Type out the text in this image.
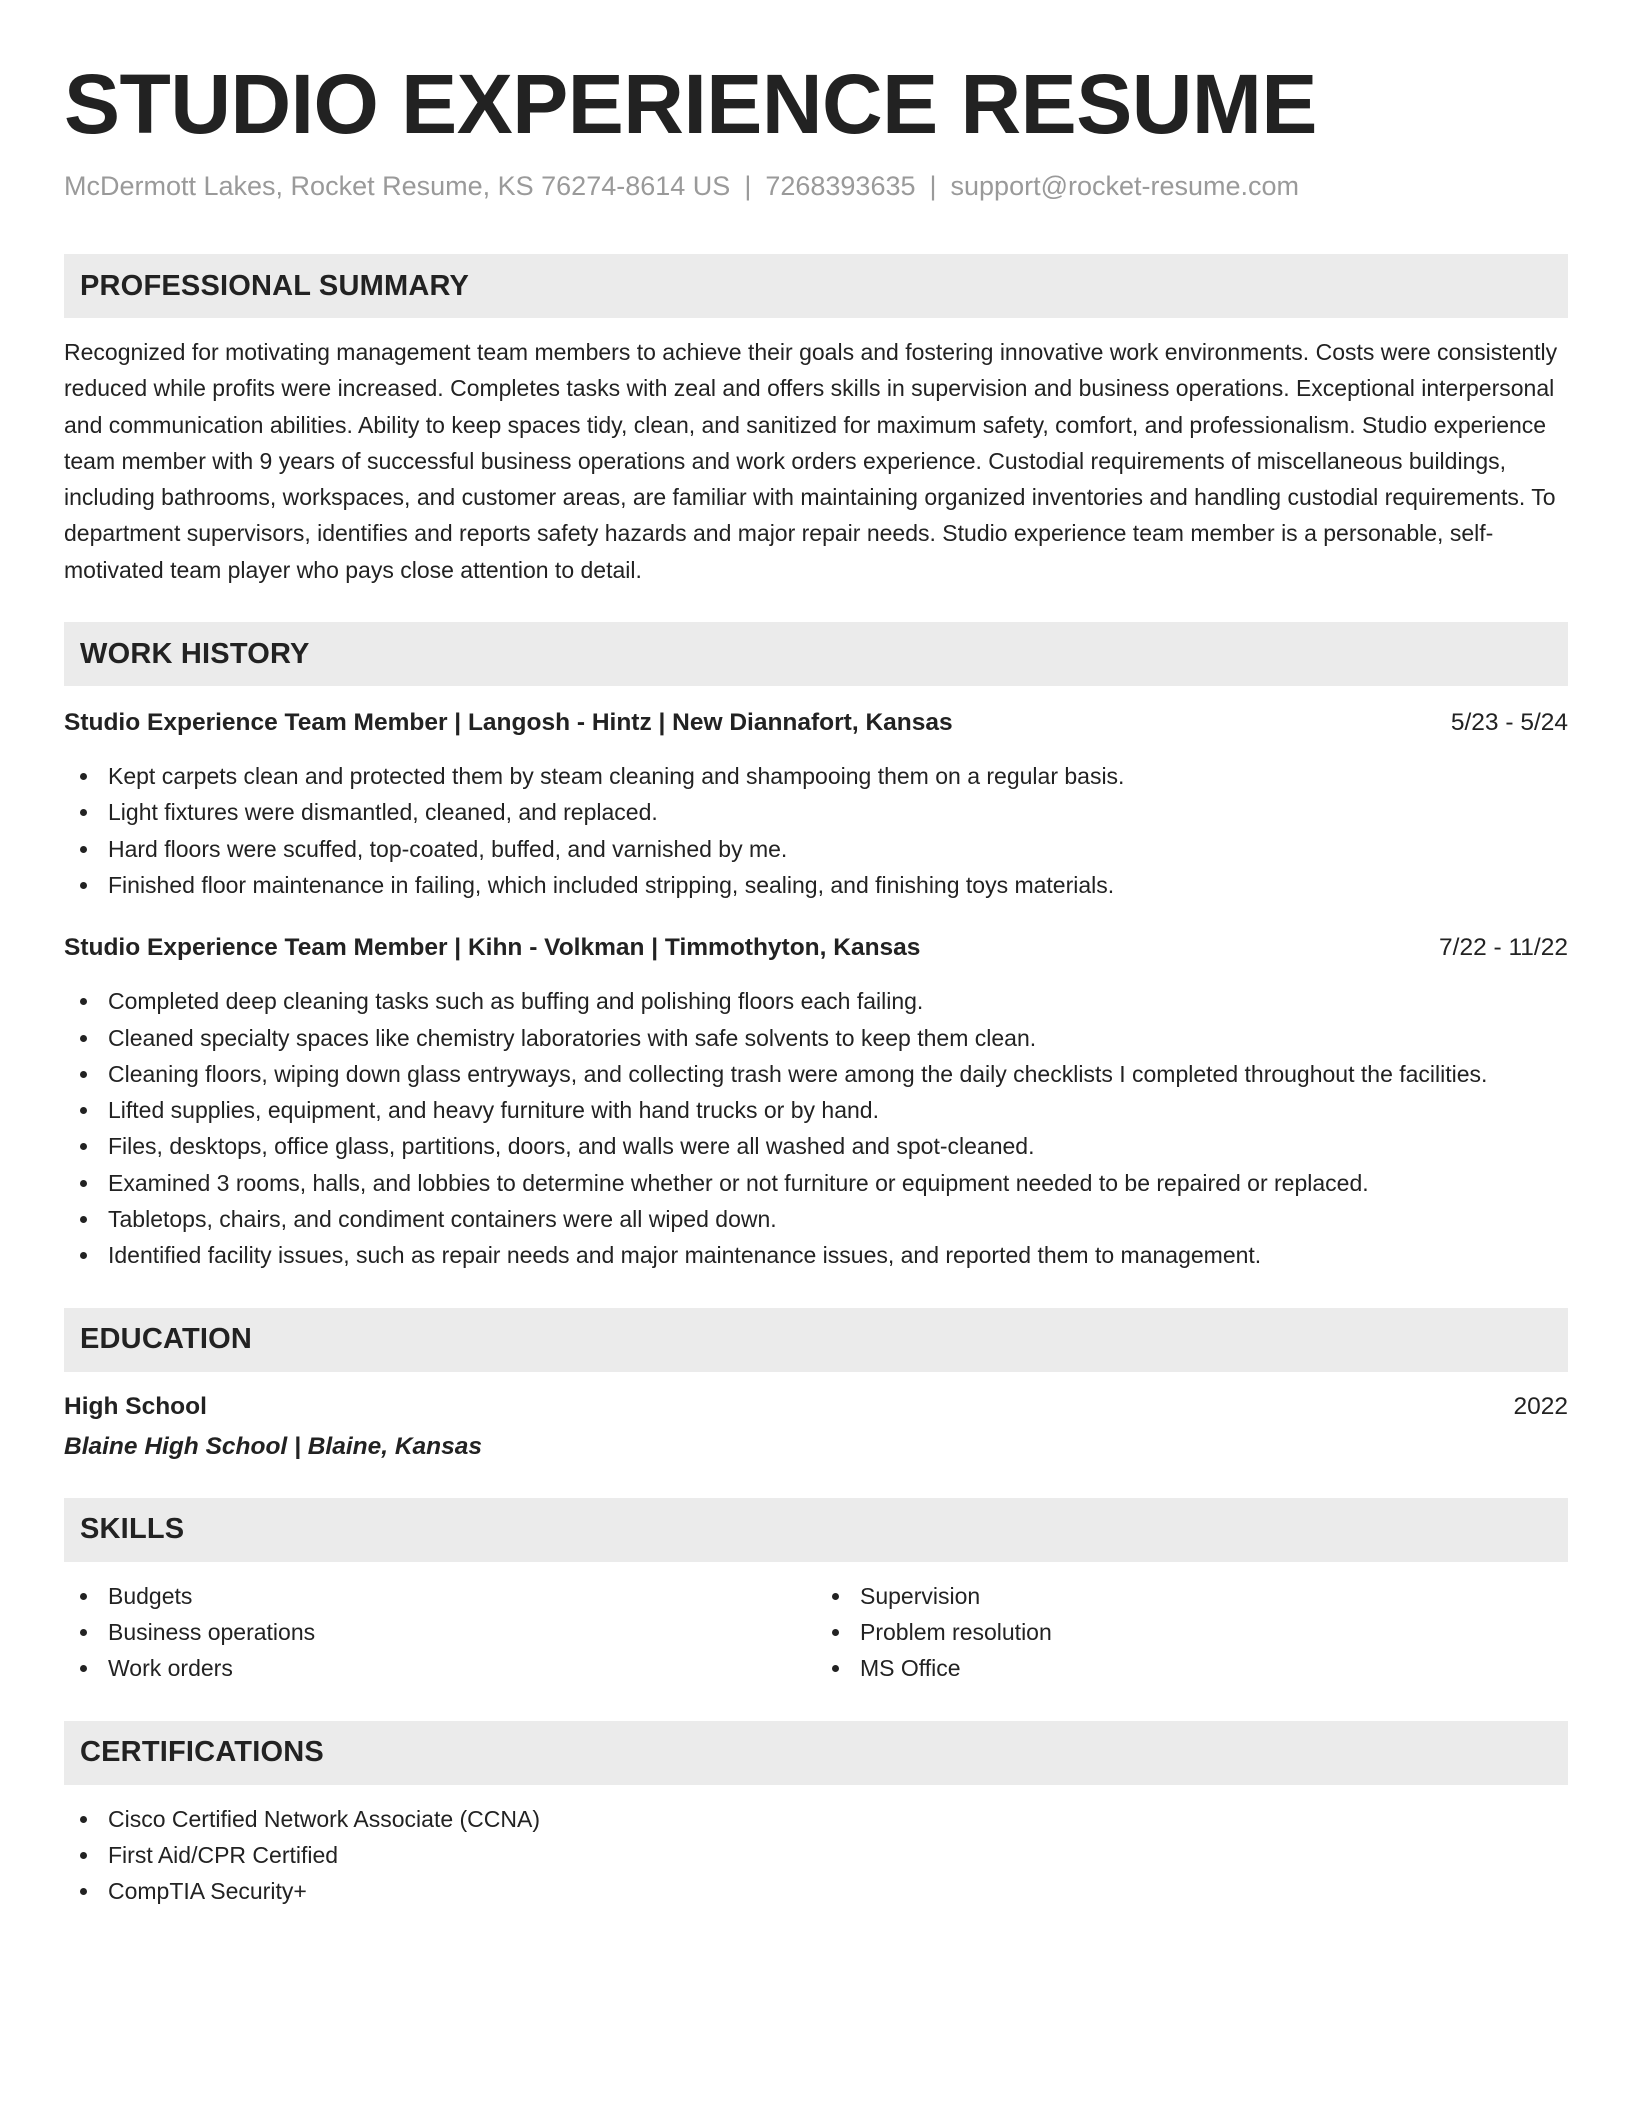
STUDIO EXPERIENCE RESUME
McDermott Lakes, Rocket Resume, KS 76274-8614 US | 7268393635 | support@rocket-resume.com
PROFESSIONAL SUMMARY
Recognized for motivating management team members to achieve their goals and fostering innovative work environments. Costs were consistently reduced while profits were increased. Completes tasks with zeal and offers skills in supervision and business operations. Exceptional interpersonal and communication abilities. Ability to keep spaces tidy, clean, and sanitized for maximum safety, comfort, and professionalism. Studio experience team member with 9 years of successful business operations and work orders experience. Custodial requirements of miscellaneous buildings, including bathrooms, workspaces, and customer areas, are familiar with maintaining organized inventories and handling custodial requirements. To department supervisors, identifies and reports safety hazards and major repair needs. Studio experience team member is a personable, self-motivated team player who pays close attention to detail.
WORK HISTORY
Studio Experience Team Member | Langosh - Hintz | New Diannafort, Kansas	5/23 - 5/24
Kept carpets clean and protected them by steam cleaning and shampooing them on a regular basis.
Light fixtures were dismantled, cleaned, and replaced.
Hard floors were scuffed, top-coated, buffed, and varnished by me.
Finished floor maintenance in failing, which included stripping, sealing, and finishing toys materials.
Studio Experience Team Member | Kihn - Volkman | Timmothyton, Kansas	7/22 - 11/22
Completed deep cleaning tasks such as buffing and polishing floors each failing.
Cleaned specialty spaces like chemistry laboratories with safe solvents to keep them clean.
Cleaning floors, wiping down glass entryways, and collecting trash were among the daily checklists I completed throughout the facilities.
Lifted supplies, equipment, and heavy furniture with hand trucks or by hand.
Files, desktops, office glass, partitions, doors, and walls were all washed and spot-cleaned.
Examined 3 rooms, halls, and lobbies to determine whether or not furniture or equipment needed to be repaired or replaced.
Tabletops, chairs, and condiment containers were all wiped down.
Identified facility issues, such as repair needs and major maintenance issues, and reported them to management.
EDUCATION
High School	2022
Blaine High School | Blaine, Kansas
SKILLS
Budgets
Business operations
Work orders
Supervision
Problem resolution
MS Office
CERTIFICATIONS
Cisco Certified Network Associate (CCNA)
First Aid/CPR Certified
CompTIA Security+
